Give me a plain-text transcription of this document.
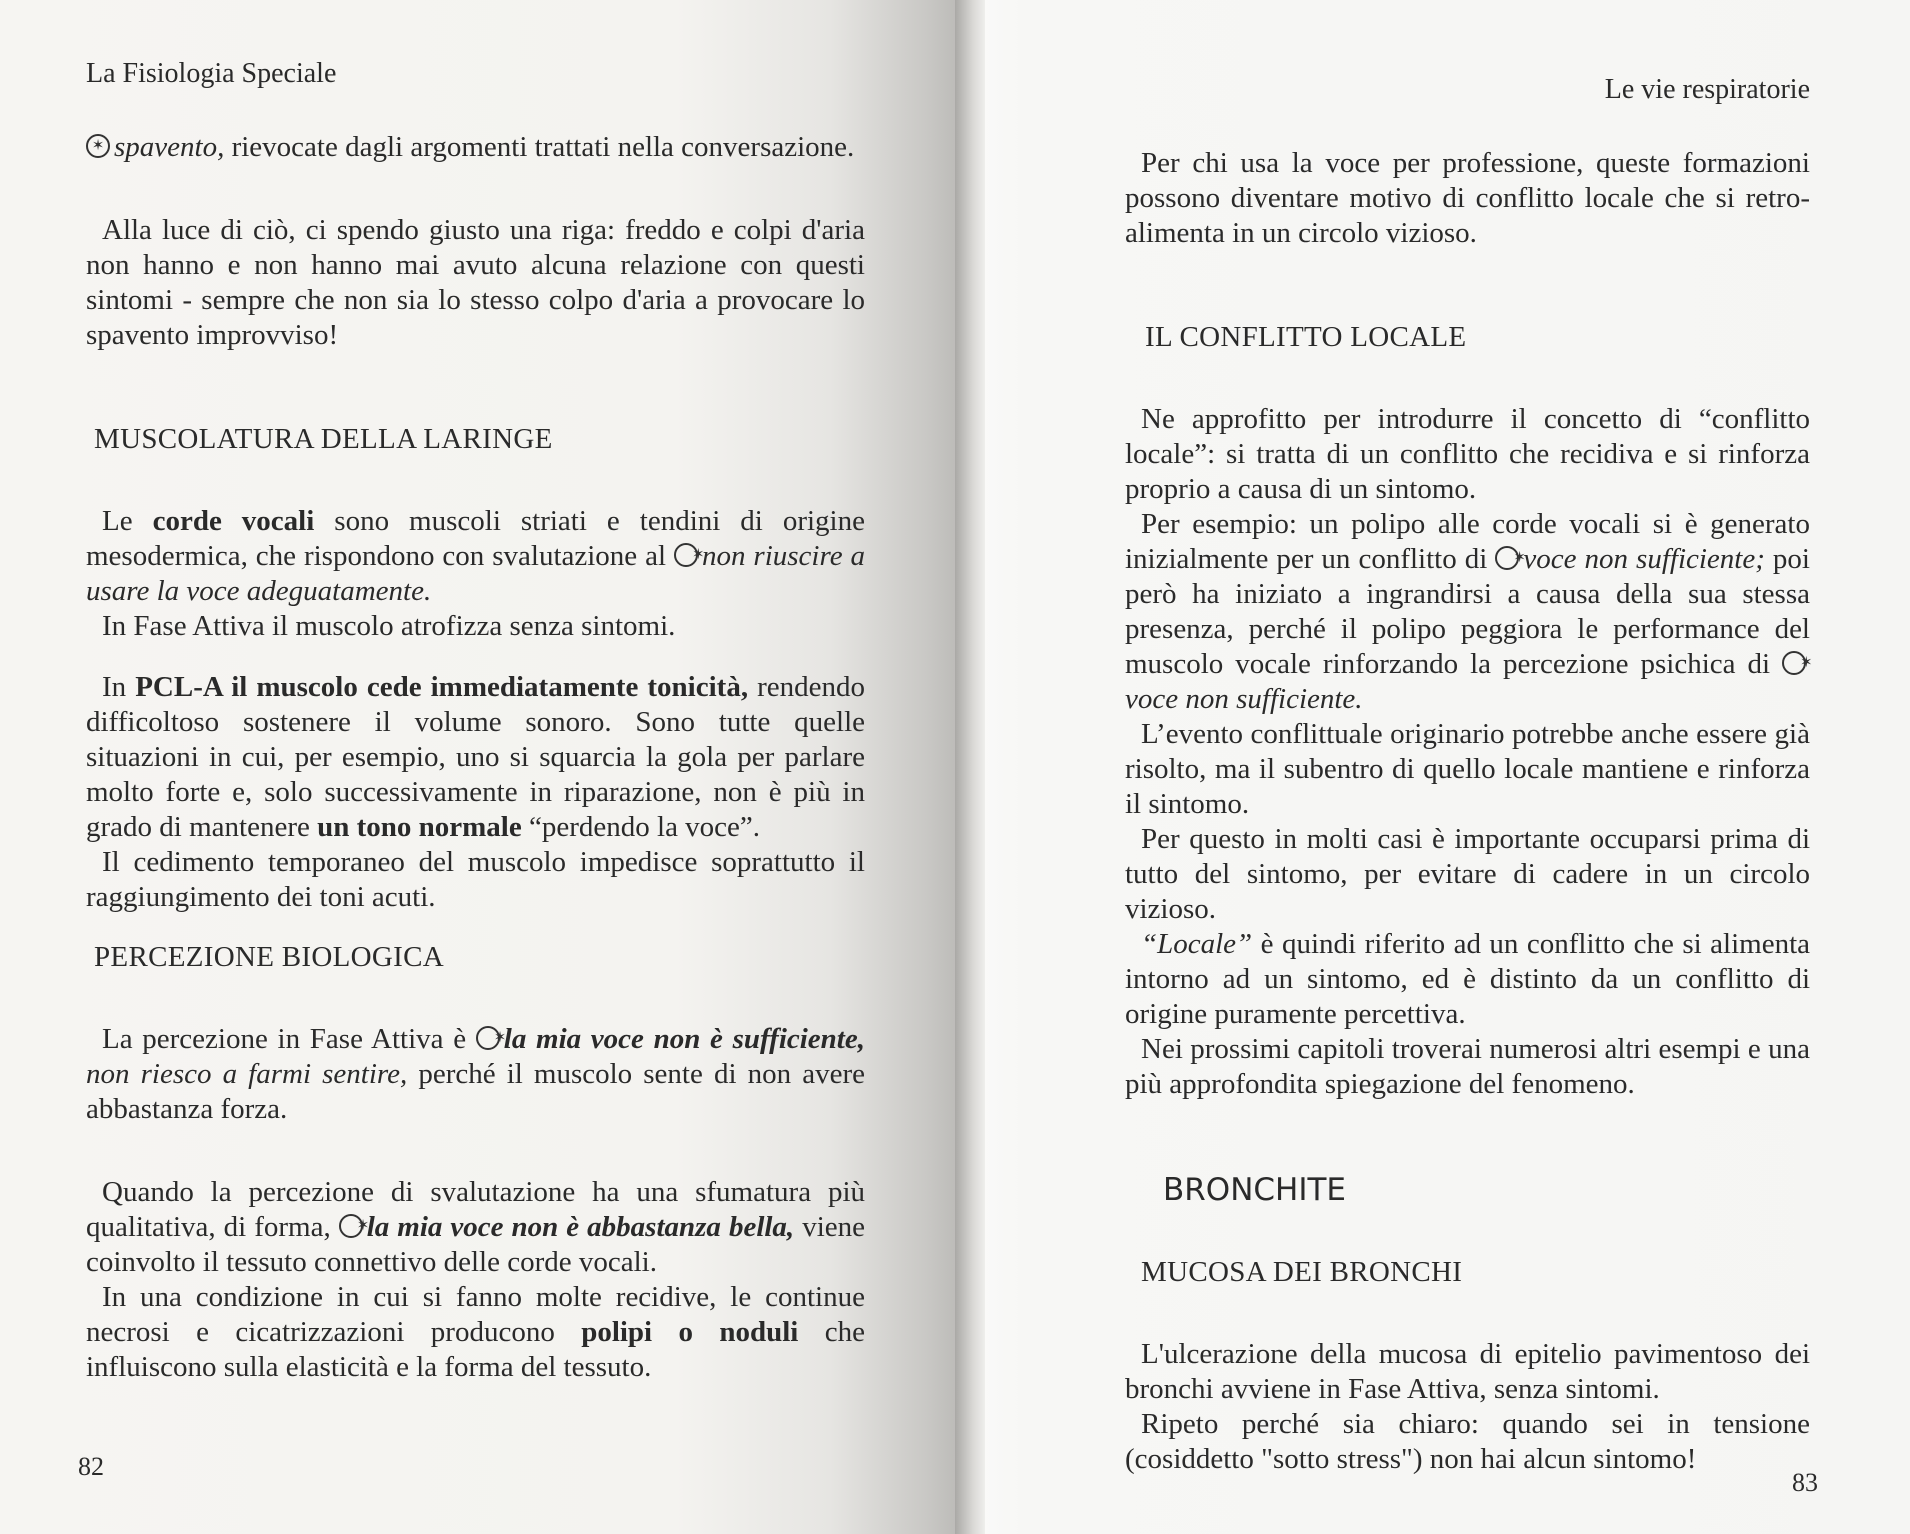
La Fisiologia Speciale

✶spavento, rievocate dagli argomenti trattati nella conversazione.

Alla luce di ciò, ci spendo giusto una riga: freddo e colpi d'aria non hanno e non hanno mai avuto alcuna relazione con questi sintomi - sempre che non sia lo stesso colpo d'aria a provocare lo spavento improvviso!

MUSCOLATURA DELLA LARINGE

Le corde vocali sono muscoli striati e tendini di origine mesodermica, che rispondono con svalutazione al ✶non riuscire a usare la voce adeguatamente.

In Fase Attiva il muscolo atrofizza senza sintomi.

In PCL-A il muscolo cede immediatamente tonicità, rendendo difficoltoso sostenere il volume sonoro. Sono tutte quelle situazioni in cui, per esempio, uno si squarcia la gola per parlare molto forte e, solo successivamente in riparazione, non è più in grado di mantenere un tono normale “perdendo la voce”.

Il cedimento temporaneo del muscolo impedisce soprattutto il raggiungimento dei toni acuti.

PERCEZIONE BIOLOGICA

La percezione in Fase Attiva è ✶la mia voce non è sufficiente, non riesco a farmi sentire, perché il muscolo sente di non avere abbastanza forza.

Quando la percezione di svalutazione ha una sfumatura più qualitativa, di forma, ✶la mia voce non è abbastanza bella, viene coinvolto il tessuto connettivo delle corde vocali.

In una condizione in cui si fanno molte recidive, le continue necrosi e cicatrizzazioni producono polipi o noduli che influiscono sulla elasticità e la forma del tessuto.

82
Le vie respiratorie

Per chi usa la voce per professione, queste formazioni possono diventare motivo di conflitto locale che si retro-alimenta in un circolo vizioso.

IL CONFLITTO LOCALE

Ne approfitto per introdurre il concetto di “conflitto locale”: si tratta di un conflitto che recidiva e si rinforza proprio a causa di un sintomo.

Per esempio: un polipo alle corde vocali si è generato inizialmente per un conflitto di ✶voce non sufficiente; poi però ha iniziato a ingrandirsi a causa della sua stessa presenza, perché il polipo peggiora le performance del muscolo vocale rinforzando la percezione psichica di ✶voce non sufficiente.

L’evento conflittuale originario potrebbe anche essere già risolto, ma il subentro di quello locale mantiene e rinforza il sintomo.

Per questo in molti casi è importante occuparsi prima di tutto del sintomo, per evitare di cadere in un circolo vizioso.

“Locale” è quindi riferito ad un conflitto che si alimenta intorno ad un sintomo, ed è distinto da un conflitto di origine puramente percettiva.

Nei prossimi capitoli troverai numerosi altri esempi e una più approfondita spiegazione del fenomeno.

BRONCHITE
MUCOSA DEI BRONCHI

L'ulcerazione della mucosa di epitelio pavimentoso dei bronchi avviene in Fase Attiva, senza sintomi.

Ripeto perché sia chiaro: quando sei in tensione (cosiddetto "sotto stress") non hai alcun sintomo!

83
